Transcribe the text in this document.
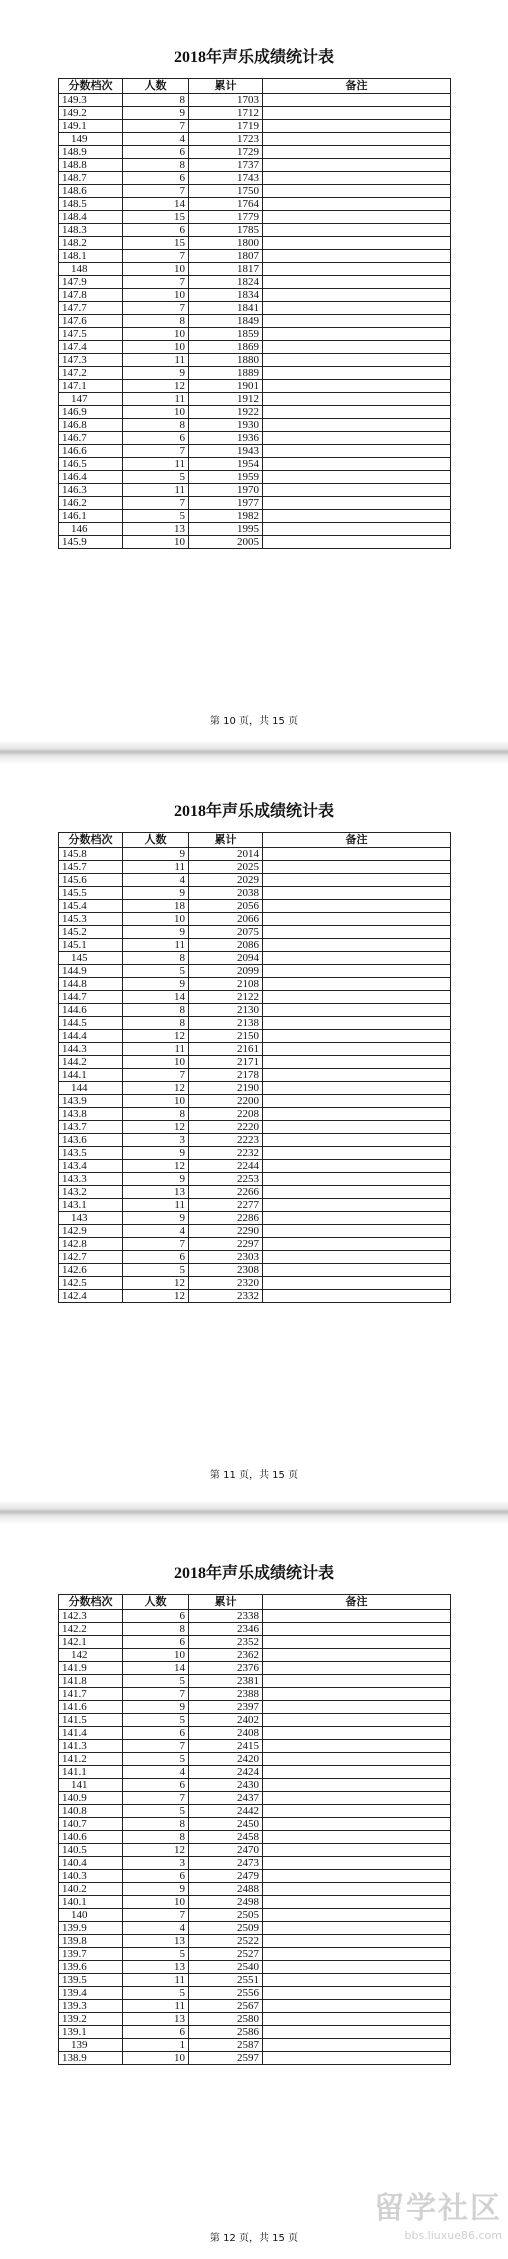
2018年声乐成绩统计表
分数档次	人数	累计	备注
149.3	8	1703	
149.2	9	1712	
149.1	7	1719	
149	4	1723	
148.9	6	1729	
148.8	8	1737	
148.7	6	1743	
148.6	7	1750	
148.5	14	1764	
148.4	15	1779	
148.3	6	1785	
148.2	15	1800	
148.1	7	1807	
148	10	1817	
147.9	7	1824	
147.8	10	1834	
147.7	7	1841	
147.6	8	1849	
147.5	10	1859	
147.4	10	1869	
147.3	11	1880	
147.2	9	1889	
147.1	12	1901	
147	11	1912	
146.9	10	1922	
146.8	8	1930	
146.7	6	1936	
146.6	7	1943	
146.5	11	1954	
146.4	5	1959	
146.3	11	1970	
146.2	7	1977	
146.1	5	1982	
146	13	1995	
145.9	10	2005	
第 10 页，共 15 页
2018年声乐成绩统计表
分数档次	人数	累计	备注
145.8	9	2014	
145.7	11	2025	
145.6	4	2029	
145.5	9	2038	
145.4	18	2056	
145.3	10	2066	
145.2	9	2075	
145.1	11	2086	
145	8	2094	
144.9	5	2099	
144.8	9	2108	
144.7	14	2122	
144.6	8	2130	
144.5	8	2138	
144.4	12	2150	
144.3	11	2161	
144.2	10	2171	
144.1	7	2178	
144	12	2190	
143.9	10	2200	
143.8	8	2208	
143.7	12	2220	
143.6	3	2223	
143.5	9	2232	
143.4	12	2244	
143.3	9	2253	
143.2	13	2266	
143.1	11	2277	
143	9	2286	
142.9	4	2290	
142.8	7	2297	
142.7	6	2303	
142.6	5	2308	
142.5	12	2320	
142.4	12	2332	
第 11 页，共 15 页
2018年声乐成绩统计表
分数档次	人数	累计	备注
142.3	6	2338	
142.2	8	2346	
142.1	6	2352	
142	10	2362	
141.9	14	2376	
141.8	5	2381	
141.7	7	2388	
141.6	9	2397	
141.5	5	2402	
141.4	6	2408	
141.3	7	2415	
141.2	5	2420	
141.1	4	2424	
141	6	2430	
140.9	7	2437	
140.8	5	2442	
140.7	8	2450	
140.6	8	2458	
140.5	12	2470	
140.4	3	2473	
140.3	6	2479	
140.2	9	2488	
140.1	10	2498	
140	7	2505	
139.9	4	2509	
139.8	13	2522	
139.7	5	2527	
139.6	13	2540	
139.5	11	2551	
139.4	5	2556	
139.3	11	2567	
139.2	13	2580	
139.1	6	2586	
139	1	2587	
138.9	10	2597	
第 12 页，共 15 页
留学社区
bbs.liuxue86.com
